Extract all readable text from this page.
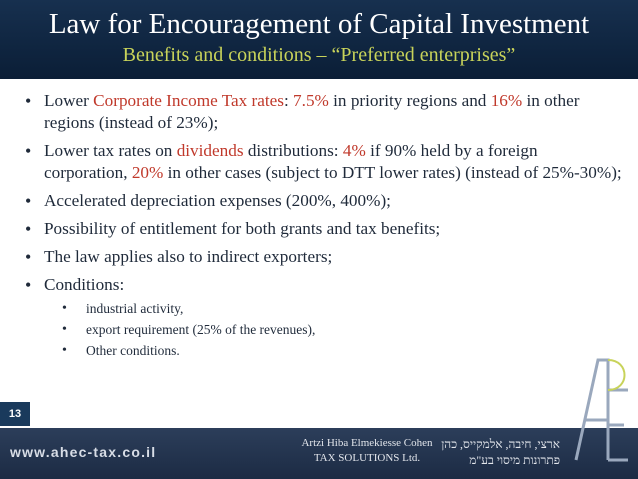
Law for Encouragement of Capital Investment
Benefits and conditions – “Preferred enterprises”
• Lower Corporate Income Tax rates: 7.5% in priority regions and 16% in other regions (instead of 23%);
• Lower tax rates on dividends distributions: 4% if 90% held by a foreign corporation, 20% in other cases (subject to DTT lower rates) (instead of 25%-30%);
• Accelerated depreciation expenses (200%, 400%);
• Possibility of entitlement for both grants and tax benefits;
• The law applies also to indirect exporters;
• Conditions:
• industrial activity,
• export requirement (25% of the revenues),
• Other conditions.
13
www.ahec-tax.co.il
Artzi Hiba Elmekiesse Cohen
TAX SOLUTIONS Ltd.
ארצי, חיבה, אלמקייס, כהן
פתרונות מיסוי בע"מ
